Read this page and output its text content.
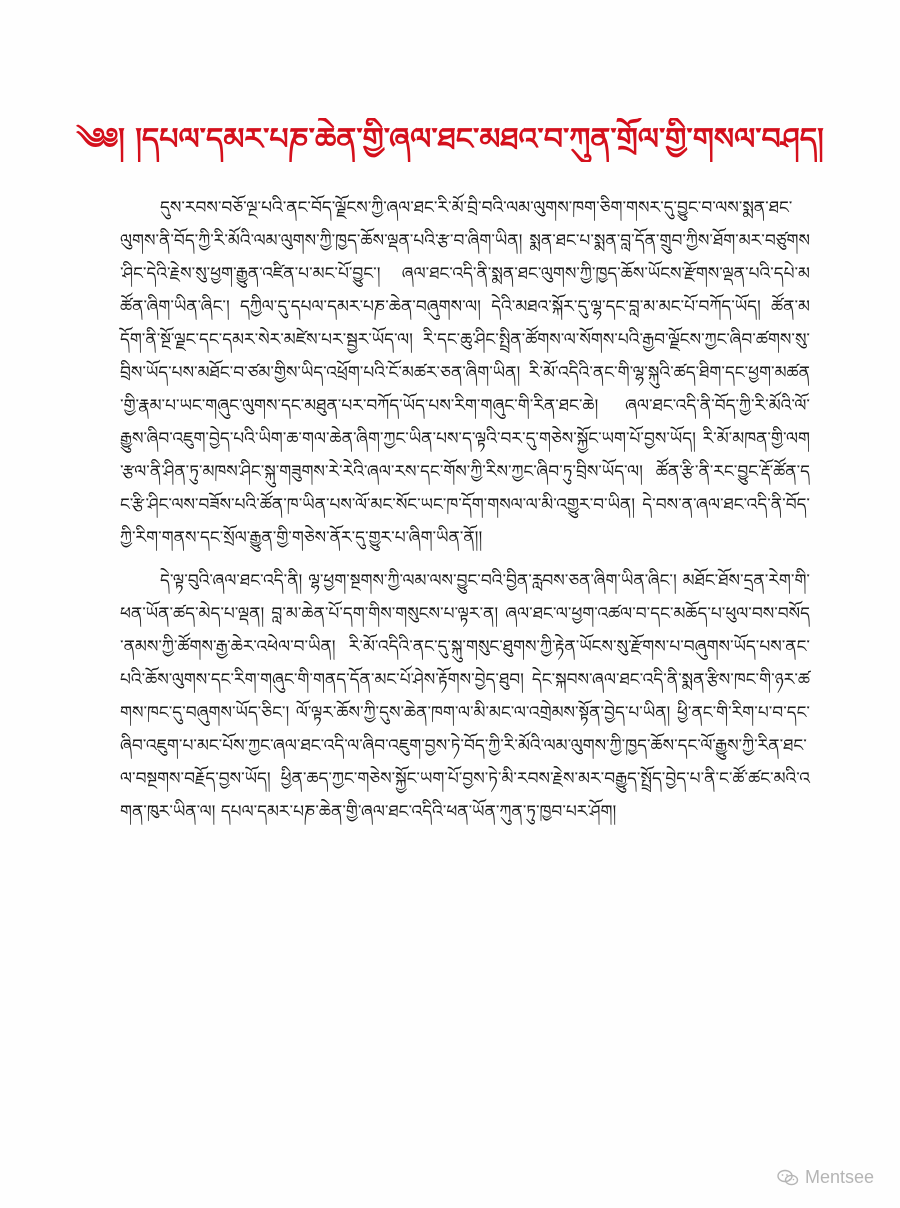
༄༅། །དཔལ་དམར་པཎ་ཆེན་གྱི་ཞལ་ཐང་མཐའ་བ་ཀུན་གྲོལ་གྱི་གསལ་བཤད།

དུས་རབས་བཅོ་ལྔ་པའི་ནང་བོད་ལྗོངས་ཀྱི་ཞལ་ཐང་རི་མོ་བྲི་བའི་ལམ་ལུགས་ཁག་ཅིག་གསར་དུ་བྱུང་བ་ལས་སྨན་ཐང་ལུགས་ནི་བོད་ཀྱི་རི་མོའི་ལམ་ལུགས་ཀྱི་ཁྱད་ཆོས་ལྡན་པའི་རྩ་བ་ཞིག་ཡིན། སྨན་ཐང་པ་སྨན་བླ་དོན་གྲུབ་ཀྱིས་ཐོག་མར་བཙུགས་ཤིང་དེའི་རྗེས་སུ་ཕྱག་རྒྱུན་འཛིན་པ་མང་པོ་བྱུང་། ཞལ་ཐང་འདི་ནི་སྨན་ཐང་ལུགས་ཀྱི་ཁྱད་ཆོས་ཡོངས་རྫོགས་ལྡན་པའི་དཔེ་མཚོན་ཞིག་ཡིན་ཞིང་། དཀྱིལ་དུ་དཔལ་དམར་པཎ་ཆེན་བཞུགས་ལ། དེའི་མཐའ་སྐོར་དུ་ལྷ་དང་བླ་མ་མང་པོ་བཀོད་ཡོད། ཚོན་མདོག་ནི་སྔོ་ལྗང་དང་དམར་སེར་མཛེས་པར་སྦྱར་ཡོད་ལ། རི་དང་ཆུ་ཤིང་སྤྲིན་ཚོགས་ལ་སོགས་པའི་རྒྱབ་ལྗོངས་ཀྱང་ཞིབ་ཚགས་སུ་བྲིས་ཡོད་པས་མཐོང་བ་ཙམ་གྱིས་ཡིད་འཕྲོག་པའི་ངོ་མཚར་ཅན་ཞིག་ཡིན། རི་མོ་འདིའི་ནང་གི་ལྷ་སྐུའི་ཚད་ཐིག་དང་ཕྱག་མཚན་གྱི་རྣམ་པ་ཡང་གཞུང་ལུགས་དང་མཐུན་པར་བཀོད་ཡོད་པས་རིག་གཞུང་གི་རིན་ཐང་ཆེ། ཞལ་ཐང་འདི་ནི་བོད་ཀྱི་རི་མོའི་ལོ་རྒྱུས་ཞིབ་འཇུག་བྱེད་པའི་ཡིག་ཆ་གལ་ཆེན་ཞིག་ཀྱང་ཡིན་པས་ད་ལྟའི་བར་དུ་གཅེས་སྐྱོང་ཡག་པོ་བྱས་ཡོད། རི་མོ་མཁན་གྱི་ལག་རྩལ་ནི་ཤིན་ཏུ་མཁས་ཤིང་སྐུ་གཟུགས་རེ་རེའི་ཞལ་རས་དང་གོས་ཀྱི་རིས་ཀྱང་ཞིབ་ཏུ་བྲིས་ཡོད་ལ། ཚོན་རྩི་ནི་རང་བྱུང་རྡོ་ཚོན་དང་རྩི་ཤིང་ལས་བཟོས་པའི་ཚོན་ཁ་ཡིན་པས་ལོ་མང་སོང་ཡང་ཁ་དོག་གསལ་ལ་མི་འགྱུར་བ་ཡིན། དེ་བས་ན་ཞལ་ཐང་འདི་ནི་བོད་ཀྱི་རིག་གནས་དང་སྲོལ་རྒྱུན་གྱི་གཅེས་ནོར་དུ་གྱུར་པ་ཞིག་ཡིན་ནོ།།

དེ་ལྟ་བུའི་ཞལ་ཐང་འདི་ནི། ལྷ་ཕྱག་སྔགས་ཀྱི་ལམ་ལས་བྱུང་བའི་བྱིན་རླབས་ཅན་ཞིག་ཡིན་ཞིང་། མཐོང་ཐོས་དྲན་རེག་གི་ཕན་ཡོན་ཚད་མེད་པ་ལྡན། བླ་མ་ཆེན་པོ་དག་གིས་གསུངས་པ་ལྟར་ན། ཞལ་ཐང་ལ་ཕྱག་འཚལ་བ་དང་མཆོད་པ་ཕུལ་བས་བསོད་ནམས་ཀྱི་ཚོགས་རྒྱ་ཆེར་འཕེལ་བ་ཡིན། རི་མོ་འདིའི་ནང་དུ་སྐུ་གསུང་ཐུགས་ཀྱི་རྟེན་ཡོངས་སུ་རྫོགས་པ་བཞུགས་ཡོད་པས་ནང་པའི་ཆོས་ལུགས་དང་རིག་གཞུང་གི་གནད་དོན་མང་པོ་ཤེས་རྟོགས་བྱེད་ཐུབ། དེང་སྐབས་ཞལ་ཐང་འདི་ནི་སྨན་རྩིས་ཁང་གི་ཉར་ཚགས་ཁང་དུ་བཞུགས་ཡོད་ཅིང་། ལོ་ལྟར་ཆོས་ཀྱི་དུས་ཆེན་ཁག་ལ་མི་མང་ལ་འགྲེམས་སྟོན་བྱེད་པ་ཡིན། ཕྱི་ནང་གི་རིག་པ་བ་དང་ཞིབ་འཇུག་པ་མང་པོས་ཀྱང་ཞལ་ཐང་འདི་ལ་ཞིབ་འཇུག་བྱས་ཏེ་བོད་ཀྱི་རི་མོའི་ལམ་ལུགས་ཀྱི་ཁྱད་ཆོས་དང་ལོ་རྒྱུས་ཀྱི་རིན་ཐང་ལ་བསྔགས་བརྗོད་བྱས་ཡོད། ཕྱིན་ཆད་ཀྱང་གཅེས་སྐྱོང་ཡག་པོ་བྱས་ཏེ་མི་རབས་རྗེས་མར་བརྒྱུད་སྤྲོད་བྱེད་པ་ནི་ང་ཚོ་ཚང་མའི་འགན་ཁུར་ཡིན་ལ། དཔལ་དམར་པཎ་ཆེན་གྱི་ཞལ་ཐང་འདིའི་ཕན་ཡོན་ཀུན་ཏུ་ཁྱབ་པར་ཤོག།

Mentsee
